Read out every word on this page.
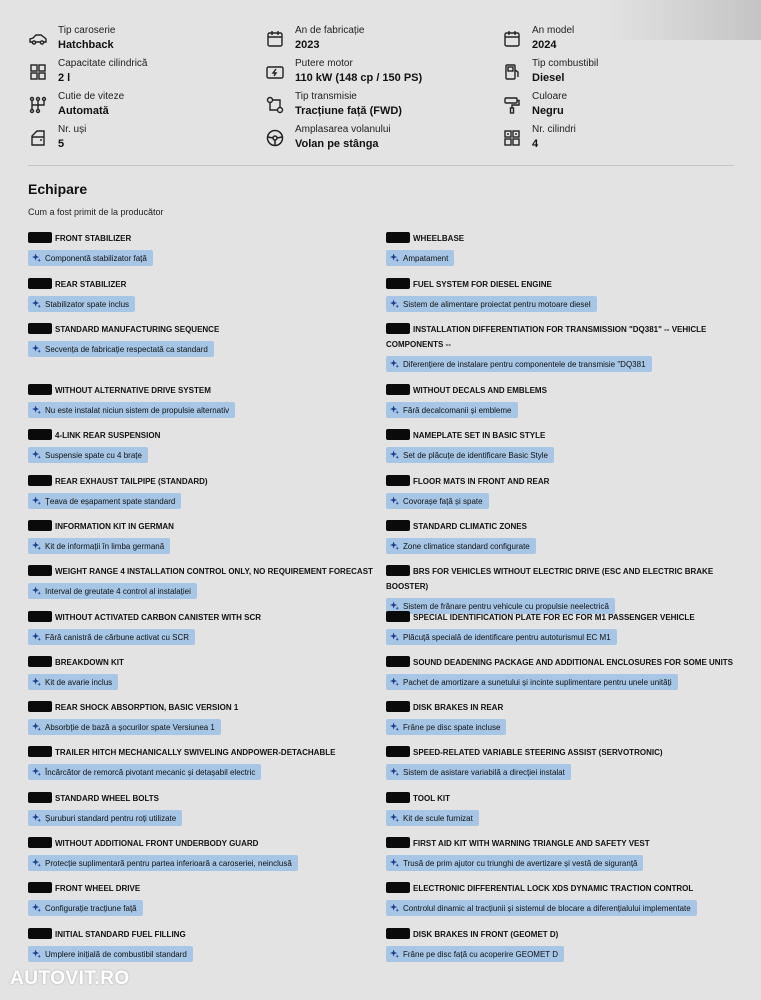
Tip caroserie
Hatchback
An de fabricație
2023
An model
2024
Capacitate cilindrică
2 l
Putere motor
110 kW (148 cp / 150 PS)
Tip combustibil
Diesel
Cutie de viteze
Automată
Tip transmisie
Tracțiune față (FWD)
Culoare
Negru
Nr. uși
5
Amplasarea volanului
Volan pe stânga
Nr. cilindri
4
Echipare
Cum a fost primit de la producător
FRONT STABILIZER
Componentă stabilizator față
WHEELBASE
Ampatament
REAR STABILIZER
Stabilizator spate inclus
FUEL SYSTEM FOR DIESEL ENGINE
Sistem de alimentare proiectat pentru motoare diesel
STANDARD MANUFACTURING SEQUENCE
Secvența de fabricație respectată ca standard
INSTALLATION DIFFERENTIATION FOR TRANSMISSION "DQ381" -- VEHICLE COMPONENTS --
Diferențiere de instalare pentru componentele de transmisie "DQ381
WITHOUT ALTERNATIVE DRIVE SYSTEM
Nu este instalat niciun sistem de propulsie alternativ
WITHOUT DECALS AND EMBLEMS
Fără decalcomanii și embleme
4-LINK REAR SUSPENSION
Suspensie spate cu 4 brațe
NAMEPLATE SET IN BASIC STYLE
Set de plăcuțe de identificare Basic Style
REAR EXHAUST TAILPIPE (STANDARD)
Țeava de eșapament spate standard
FLOOR MATS IN FRONT AND REAR
Covorașe față și spate
INFORMATION KIT IN GERMAN
Kit de informații în limba germană
STANDARD CLIMATIC ZONES
Zone climatice standard configurate
WEIGHT RANGE 4 INSTALLATION CONTROL ONLY, NO REQUIREMENT FORECAST
Interval de greutate 4 control al instalației
BRS FOR VEHICLES WITHOUT ELECTRIC DRIVE (ESC AND ELECTRIC BRAKE BOOSTER)
Sistem de frânare pentru vehicule cu propulsie neelectrică
WITHOUT ACTIVATED CARBON CANISTER WITH SCR
Fără canistră de cărbune activat cu SCR
SPECIAL IDENTIFICATION PLATE FOR EC FOR M1 PASSENGER VEHICLE
Plăcuță specială de identificare pentru autoturismul EC M1
BREAKDOWN KIT
Kit de avarie inclus
SOUND DEADENING PACKAGE AND ADDITIONAL ENCLOSURES FOR SOME UNITS
Pachet de amortizare a sunetului și incinte suplimentare pentru unele unități
REAR SHOCK ABSORPTION, BASIC VERSION 1
Absorbție de bază a șocurilor spate Versiunea 1
DISK BRAKES IN REAR
Frâne pe disc spate incluse
TRAILER HITCH MECHANICALLY SWIVELING ANDPOWER-DETACHABLE
Încărcător de remorcă pivotant mecanic și detașabil electric
SPEED-RELATED VARIABLE STEERING ASSIST (SERVOTRONIC)
Sistem de asistare variabilă a direcției instalat
STANDARD WHEEL BOLTS
Șuruburi standard pentru roți utilizate
TOOL KIT
Kit de scule furnizat
WITHOUT ADDITIONAL FRONT UNDERBODY GUARD
Protecție suplimentară pentru partea inferioară a caroseriei, neinclusă
FIRST AID KIT WITH WARNING TRIANGLE AND SAFETY VEST
Trusă de prim ajutor cu triunghi de avertizare și vestă de siguranță
FRONT WHEEL DRIVE
Configurație tracțiune față
ELECTRONIC DIFFERENTIAL LOCK XDS DYNAMIC TRACTION CONTROL
Controlul dinamic al tracțiunii și sistemul de blocare a diferențialului implementate
INITIAL STANDARD FUEL FILLING
Umplere inițială de combustibil standard
DISK BRAKES IN FRONT (GEOMET D)
Frâne pe disc față cu acoperire GEOMET D
AUTOVIT.RO
